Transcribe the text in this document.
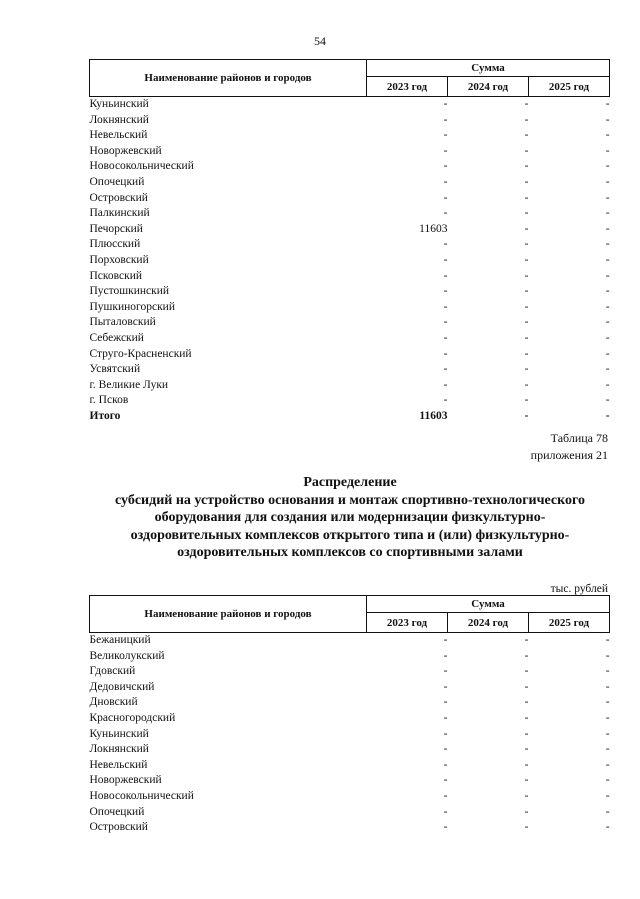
54
Наименование районов и городов	Сумма		
	2023 год	2024 год	2025 год
Куньинский	-	-	-
Локнянский	-	-	-
Невельский	-	-	-
Новоржевский	-	-	-
Новосокольнический	-	-	-
Опочецкий	-	-	-
Островский	-	-	-
Палкинский	-	-	-
Печорский	11603	-	-
Плюсский	-	-	-
Порховский	-	-	-
Псковский	-	-	-
Пустошкинский	-	-	-
Пушкиногорский	-	-	-
Пыталовский	-	-	-
Себежский	-	-	-
Струго-Красненский	-	-	-
Усвятский	-	-	-
г. Великие Луки	-	-	-
г. Псков	-	-	-
Итого	11603	-	-
Таблица 78
приложения 21
Распределение
субсидий на устройство основания и монтаж спортивно-технологического
оборудования для создания или модернизации физкультурно-
оздоровительных комплексов открытого типа и (или) физкультурно-
оздоровительных комплексов со спортивными залами
тыс. рублей
Наименование районов и городов	Сумма		
	2023 год	2024 год	2025 год
Бежаницкий	-	-	-
Великолукский	-	-	-
Гдовский	-	-	-
Дедовичский	-	-	-
Дновский	-	-	-
Красногородский	-	-	-
Куньинский	-	-	-
Локнянский	-	-	-
Невельский	-	-	-
Новоржевский	-	-	-
Новосокольнический	-	-	-
Опочецкий	-	-	-
Островский	-	-	-
